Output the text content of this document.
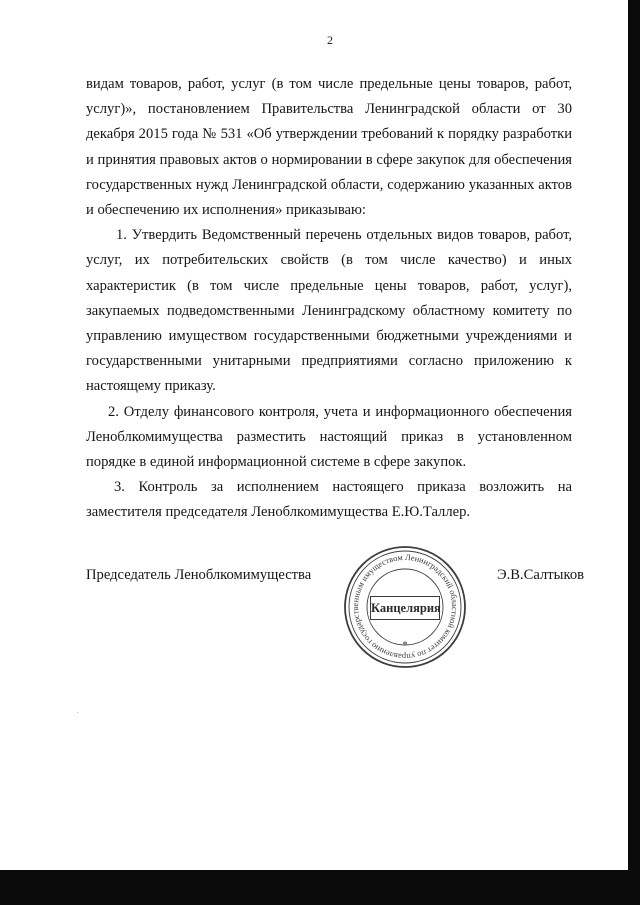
2

видам товаров, работ, услуг (в том числе предельные цены товаров, работ, услуг)», постановлением Правительства Ленинградской области от 30 декабря 2015 года № 531 «Об утверждении требований к порядку разработки и принятия правовых актов о нормировании в сфере закупок для обеспечения государственных нужд Ленинградской области, содержанию указанных актов и обеспечению их исполнения» приказываю:

1. Утвердить Ведомственный перечень отдельных видов товаров, работ, услуг, их потребительских свойств (в том числе качество) и иных характеристик (в том числе предельные цены товаров, работ, услуг), закупаемых подведомственными Ленинградскому областному комитету по управлению имуществом государственными бюджетными учреждениями и государственными унитарными предприятиями согласно приложению к настоящему приказу.

2. Отделу финансового контроля, учета и информационного обеспечения Леноблкомимущества разместить настоящий приказ в установленном порядке в единой информационной системе в сфере закупок.

3. Контроль за исполнением настоящего приказа возложить на заместителя председателя Леноблкомимущества Е.Ю.Таллер.

Председатель Леноблкомимущества	Э.В.Салтыков
Ленинградский областной комитет по управлению государственным имуществом
*
Канцелярия
